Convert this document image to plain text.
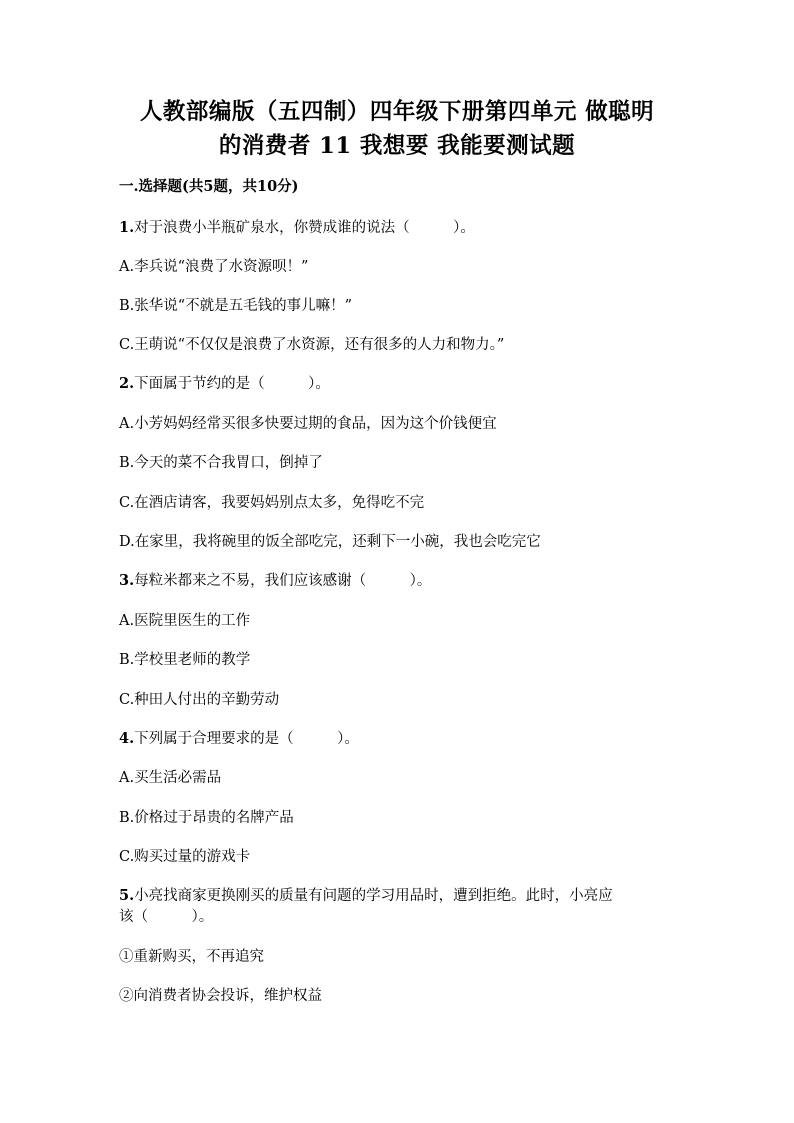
人教部编版（五四制）四年级下册第四单元 做聪明
的消费者 11 我想要 我能要测试题
一.选择题(共5题，共10分)
1.对于浪费小半瓶矿泉水，你赞成谁的说法（　　　）。
A.李兵说“浪费了水资源呗！”
B.张华说“不就是五毛钱的事儿嘛！”
C.王萌说“不仅仅是浪费了水资源，还有很多的人力和物力。”
2.下面属于节约的是（　　　）。
A.小芳妈妈经常买很多快要过期的食品，因为这个价钱便宜
B.今天的菜不合我胃口，倒掉了
C.在酒店请客，我要妈妈别点太多，免得吃不完
D.在家里，我将碗里的饭全部吃完，还剩下一小碗，我也会吃完它
3.每粒米都来之不易，我们应该感谢（　　　）。
A.医院里医生的工作
B.学校里老师的教学
C.种田人付出的辛勤劳动
4.下列属于合理要求的是（　　　）。
A.买生活必需品
B.价格过于昂贵的名牌产品
C.购买过量的游戏卡
5.小亮找商家更换刚买的质量有问题的学习用品时，遭到拒绝。此时，小亮应
该（　　　）。
①重新购买，不再追究
②向消费者协会投诉，维护权益
